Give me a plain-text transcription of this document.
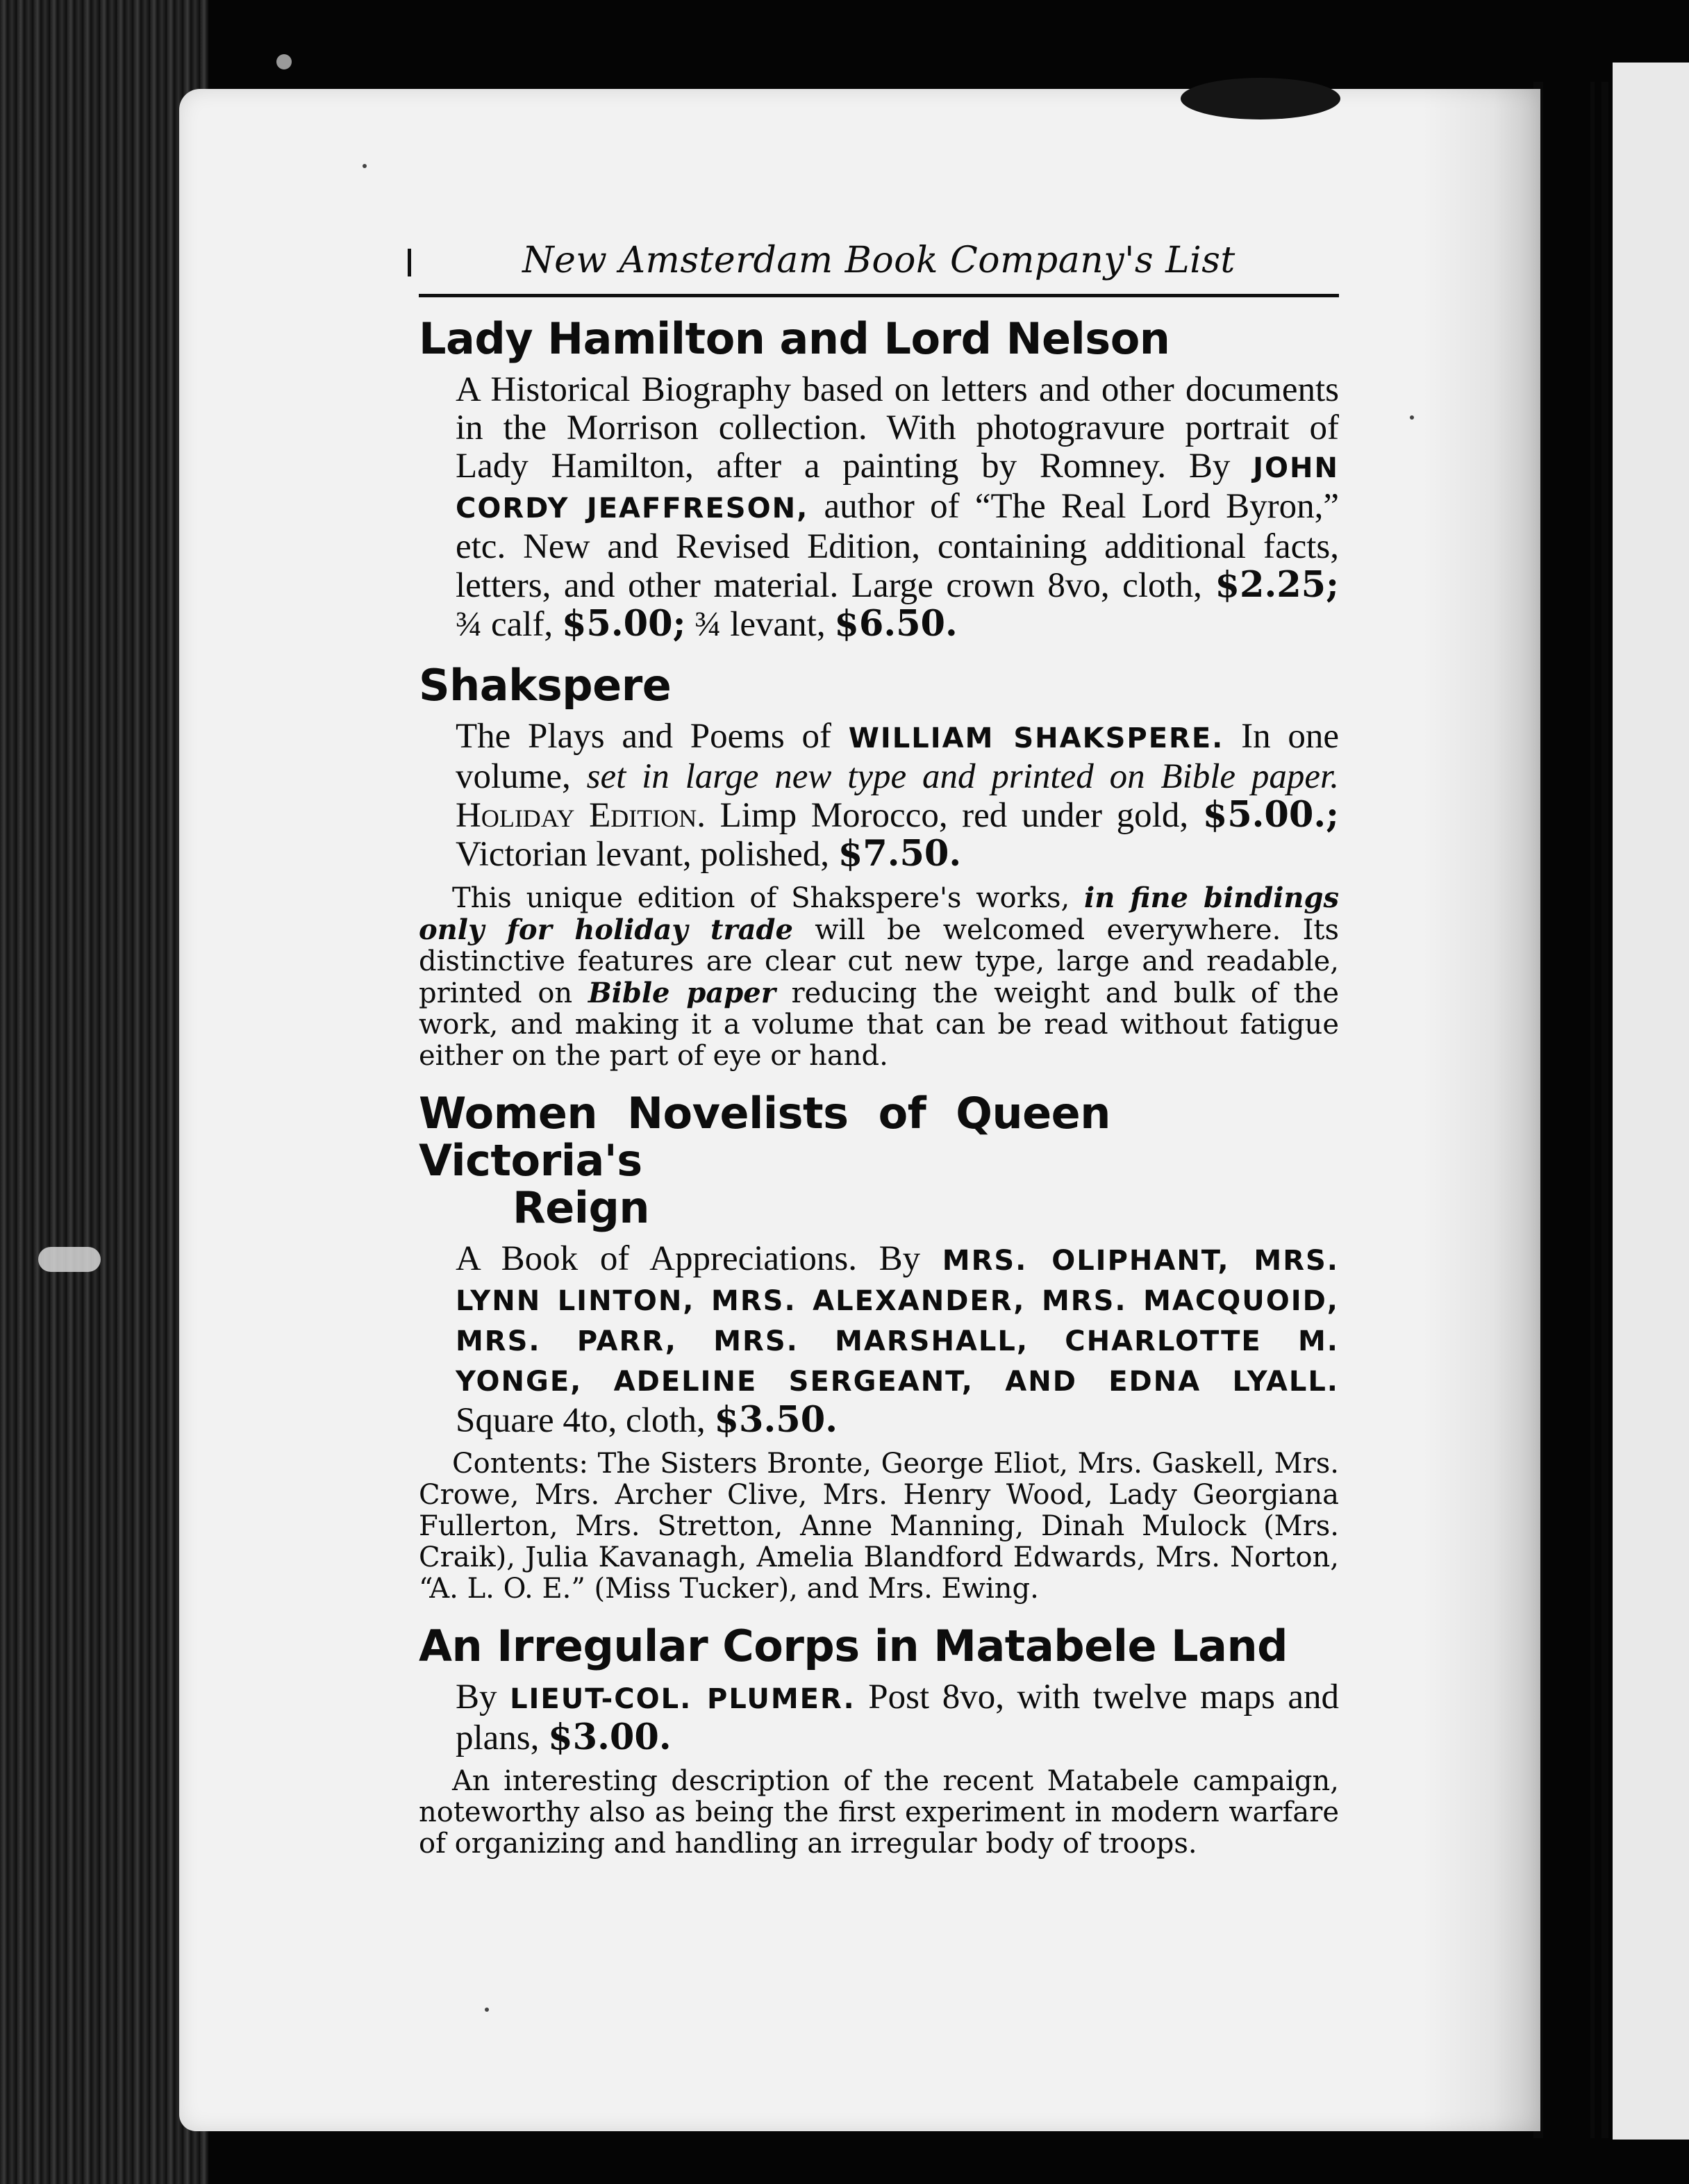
New Amsterdam Book Company's List
Lady Hamilton and Lord Nelson
A Historical Biography based on letters and other documents in the Morrison collection. With photogravure portrait of Lady Hamilton, after a painting by Romney. By JOHN CORDY JEAFFRESON, author of “The Real Lord Byron,” etc. New and Revised Edition, containing additional facts, letters, and other material. Large crown 8vo, cloth, $2.25; ¾ calf, $5.00; ¾ levant, $6.50.
Shakspere
The Plays and Poems of WILLIAM SHAKSPERE. In one volume, set in large new type and printed on Bible paper. Holiday Edition. Limp Morocco, red under gold, $5.00.; Victorian levant, polished, $7.50.
This unique edition of Shakspere's works, in fine bindings only for holiday trade will be welcomed everywhere. Its distinctive features are clear cut new type, large and readable, printed on Bible paper reducing the weight and bulk of the work, and making it a volume that can be read without fatigue either on the part of eye or hand.
Women Novelists of Queen Victoria's
Reign
A Book of Appreciations. By MRS. OLIPHANT, MRS. LYNN LINTON, MRS. ALEXANDER, MRS. MACQUOID, MRS. PARR, MRS. MARSHALL, CHARLOTTE M. YONGE, ADELINE SERGEANT, AND EDNA LYALL. Square 4to, cloth, $3.50.
Contents: The Sisters Bronte, George Eliot, Mrs. Gaskell, Mrs. Crowe, Mrs. Archer Clive, Mrs. Henry Wood, Lady Georgiana Fullerton, Mrs. Stretton, Anne Manning, Dinah Mulock (Mrs. Craik), Julia Kavanagh, Amelia Blandford Edwards, Mrs. Norton, “A. L. O. E.” (Miss Tucker), and Mrs. Ewing.
An Irregular Corps in Matabele Land
By LIEUT-COL. PLUMER. Post 8vo, with twelve maps and plans, $3.00.
An interesting description of the recent Matabele campaign, noteworthy also as being the first experiment in modern warfare of organizing and handling an irregular body of troops.
